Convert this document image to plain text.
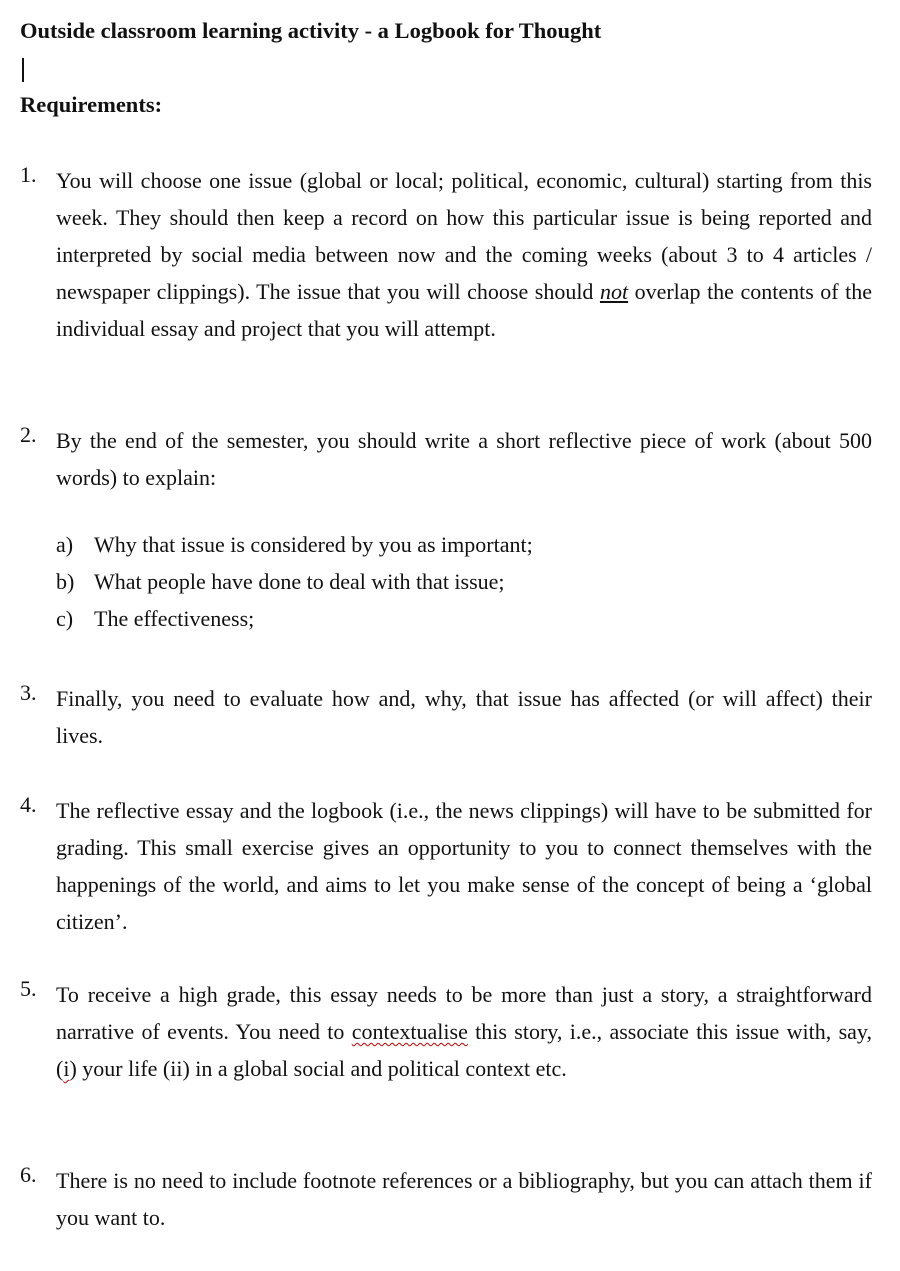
Outside classroom learning activity - a Logbook for Thought
Requirements:
1. You will choose one issue (global or local; political, economic, cultural) starting from this week. They should then keep a record on how this particular issue is being reported and interpreted by social media between now and the coming weeks (about 3 to 4 articles / newspaper clippings). The issue that you will choose should not overlap the contents of the individual essay and project that you will attempt.
2. By the end of the semester, you should write a short reflective piece of work (about 500 words) to explain:
a) Why that issue is considered by you as important;
b) What people have done to deal with that issue;
c) The effectiveness;
3. Finally, you need to evaluate how and, why, that issue has affected (or will affect) their lives.
4. The reflective essay and the logbook (i.e., the news clippings) will have to be submitted for grading. This small exercise gives an opportunity to you to connect themselves with the happenings of the world, and aims to let you make sense of the concept of being a ‘global citizen’.
5. To receive a high grade, this essay needs to be more than just a story, a straightforward narrative of events. You need to contextualise this story, i.e., associate this issue with, say, (i) your life (ii) in a global social and political context etc.
6. There is no need to include footnote references or a bibliography, but you can attach them if you want to.
